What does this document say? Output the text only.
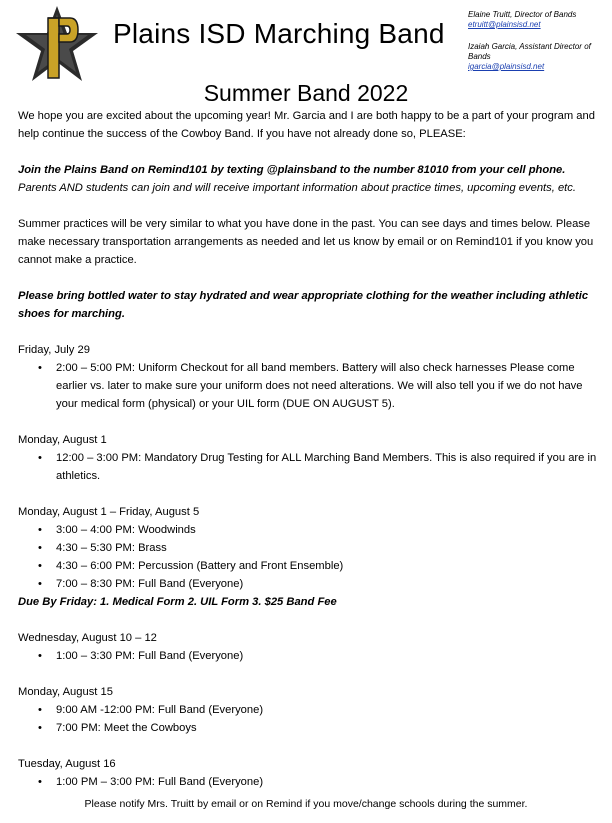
Plains ISD Marching Band
Elaine Truitt, Director of Bands
etruitt@plainsisd.net
Izaiah Garcia, Assistant Director of Bands
igarcia@plainsisd.net
Summer Band 2022

We hope you are excited about the upcoming year! Mr. Garcia and I are both happy to be a part of your program and help continue the success of the Cowboy Band. If you have not already done so, PLEASE:

Join the Plains Band on Remind101 by texting @plainsband to the number 81010 from your cell phone. Parents AND students can join and will receive important information about practice times, upcoming events, etc.

Summer practices will be very similar to what you have done in the past. You can see days and times below. Please make necessary transportation arrangements as needed and let us know by email or on Remind101 if you know you cannot make a practice.

Please bring bottled water to stay hydrated and wear appropriate clothing for the weather including athletic shoes for marching.

Friday, July 29

• 2:00 – 5:00 PM: Uniform Checkout for all band members. Battery will also check harnesses Please come earlier vs. later to make sure your uniform does not need alterations. We will also tell you if we do not have your medical form (physical) or your UIL form (DUE ON AUGUST 5).

Monday, August 1

• 12:00 – 3:00 PM: Mandatory Drug Testing for ALL Marching Band Members. This is also required if you are in athletics.

Monday, August 1 – Friday, August 5

• 3:00 – 4:00 PM: Woodwinds
• 4:30 – 5:30 PM: Brass
• 4:30 – 6:00 PM: Percussion (Battery and Front Ensemble)
• 7:00 – 8:30 PM: Full Band (Everyone)

Due By Friday: 1. Medical Form 2. UIL Form 3. $25 Band Fee

Wednesday, August 10 – 12

• 1:00 – 3:30 PM: Full Band (Everyone)

Monday, August 15

• 9:00 AM -12:00 PM: Full Band (Everyone)
• 7:00 PM: Meet the Cowboys

Tuesday, August 16

• 1:00 PM – 3:00 PM: Full Band (Everyone)
Please notify Mrs. Truitt by email or on Remind if you move/change schools during the summer.
